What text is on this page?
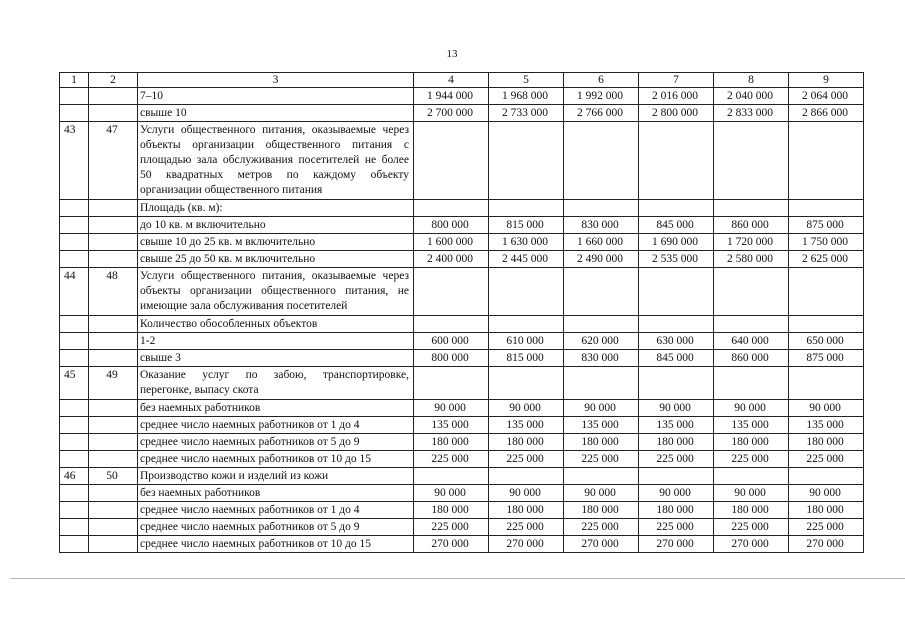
13
1	2	3	4	5	6	7	8	9
		7–10	1 944 000	1 968 000	1 992 000	2 016 000	2 040 000	2 064 000
		свыше 10	2 700 000	2 733 000	2 766 000	2 800 000	2 833 000	2 866 000
43	47	Услуги общественного питания, оказываемые через объекты организации общественного питания с площадью зала обслуживания посетителей не более 50 квадратных метров по каждому объекту организации общественного питания						
		Площадь (кв. м):						
		до 10 кв. м включительно	800 000	815 000	830 000	845 000	860 000	875 000
		свыше 10 до 25 кв. м включительно	1 600 000	1 630 000	1 660 000	1 690 000	1 720 000	1 750 000
		свыше 25 до 50 кв. м включительно	2 400 000	2 445 000	2 490 000	2 535 000	2 580 000	2 625 000
44	48	Услуги общественного питания, оказываемые через объекты организации общественного питания, не имеющие зала обслуживания посетителей						
		Количество обособленных объектов						
		1-2	600 000	610 000	620 000	630 000	640 000	650 000
		свыше 3	800 000	815 000	830 000	845 000	860 000	875 000
45	49	Оказание услуг по забою, транспортировке, перегонке, выпасу скота						
		без наемных работников	90 000	90 000	90 000	90 000	90 000	90 000
		среднее число наемных работников от 1 до 4	135 000	135 000	135 000	135 000	135 000	135 000
		среднее число наемных работников от 5 до 9	180 000	180 000	180 000	180 000	180 000	180 000
		среднее число наемных работников от 10 до 15	225 000	225 000	225 000	225 000	225 000	225 000
46	50	Производство кожи и изделий из кожи						
		без наемных работников	90 000	90 000	90 000	90 000	90 000	90 000
		среднее число наемных работников от 1 до 4	180 000	180 000	180 000	180 000	180 000	180 000
		среднее число наемных работников от 5 до 9	225 000	225 000	225 000	225 000	225 000	225 000
		среднее число наемных работников от 10 до 15	270 000	270 000	270 000	270 000	270 000	270 000
